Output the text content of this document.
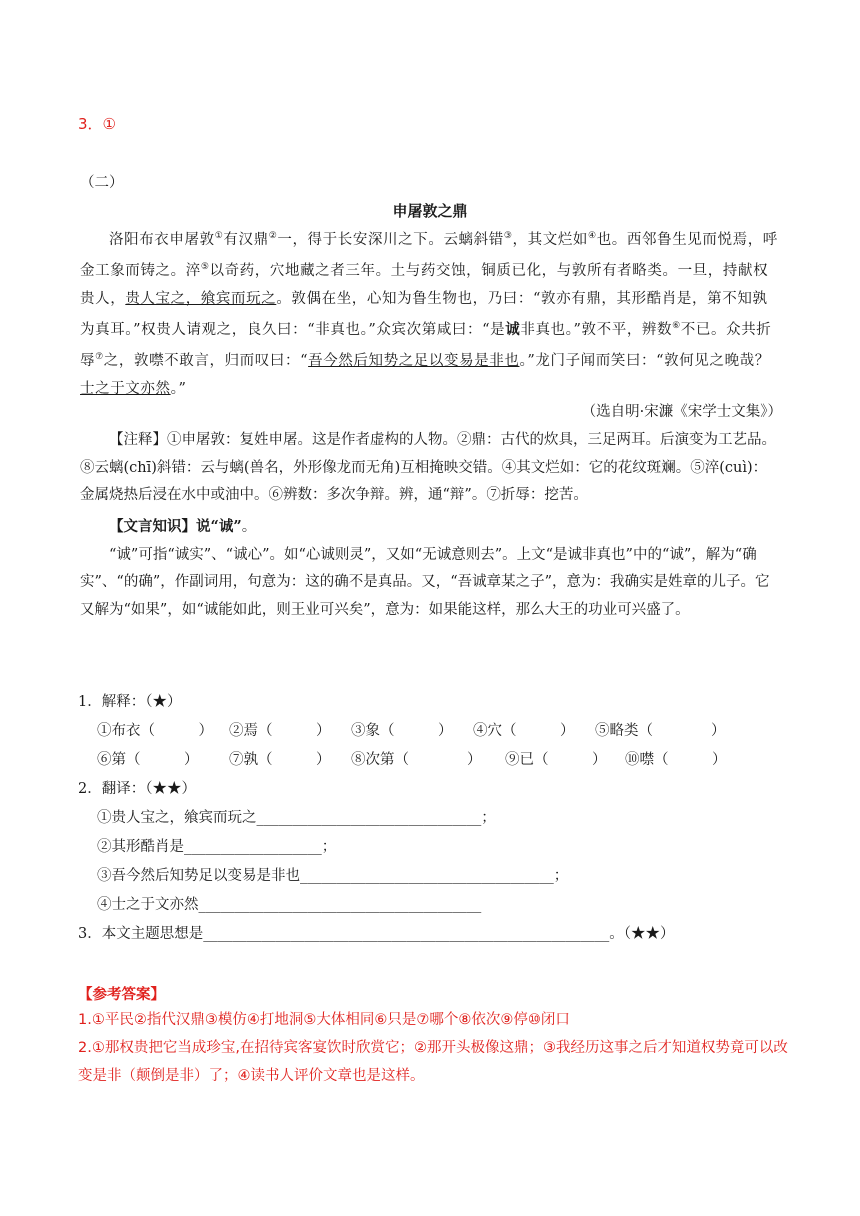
3．①
（二）
申屠敦之鼎

洛阳布衣申屠敦①有汉鼎②一，得于长安深川之下。云螭斜错③，其文烂如④也。西邻鲁生见而悦焉，呼金工象而铸之。淬⑤以奇药，穴地藏之者三年。土与药交蚀，铜质已化，与敦所有者略类。一旦，持献权贵人，贵人宝之，飨宾而玩之。敦偶在坐，心知为鲁生物也，乃曰：“敦亦有鼎，其形酷肖是，第不知孰为真耳。”权贵人请观之，良久曰：“非真也。”众宾次第咸曰：“是诚非真也。”敦不平，辨数⑥不已。众共折辱⑦之，敦噤不敢言，归而叹曰：“吾今然后知势之足以变易是非也。”龙门子闻而笑曰：“敦何见之晚哉？士之于文亦然。”

（选自明·宋濂《宋学士文集》）

【注释】①申屠敦：复姓申屠。这是作者虚构的人物。②鼎：古代的炊具，三足两耳。后演变为工艺品。⑧云螭(chī)斜错：云与螭(兽名，外形像龙而无角)互相掩映交错。④其文烂如：它的花纹斑斓。⑤淬(cuì)：金属烧热后浸在水中或油中。⑥辨数：多次争辩。辨，通“辩”。⑦折辱：挖苦。

【文言知识】说“诚”。

“诚”可指“诚实”、“诚心”。如“心诚则灵”，又如“无诚意则去”。上文“是诚非真也”中的“诚”，解为“确实”、“的确”，作副词用，句意为：这的确不是真品。又，“吾诚章某之子”，意为：我确实是姓章的儿子。它又解为“如果”，如“诚能如此，则王业可兴矣”，意为：如果能这样，那么大王的功业可兴盛了。

1．解释：（★）
①布衣（　　　） ②焉（　　　） ③象（　　　） ④穴（　　　） ⑤略类（　　　　）
⑥第（　　　） ⑦孰（　　　） ⑧次第（　　　　） ⑨已（　　　） ⑩噤（　　　）
2．翻译：（★★）
①贵人宝之，飨宾而玩之_______________________________；
②其形酷肖是___________________；
③吾今然后知势足以变易是非也___________________________________；
④士之于文亦然_______________________________________
3．本文主题思想是________________________________________________________。（★★）

【参考答案】

1.①平民②指代汉鼎③模仿④打地洞⑤大体相同⑥只是⑦哪个⑧依次⑨停⑩闭口

2.①那权贵把它当成珍宝,在招待宾客宴饮时欣赏它；②那开头极像这鼎；③我经历这事之后才知道权势竟可以改变是非（颠倒是非）了；④读书人评价文章也是这样。
